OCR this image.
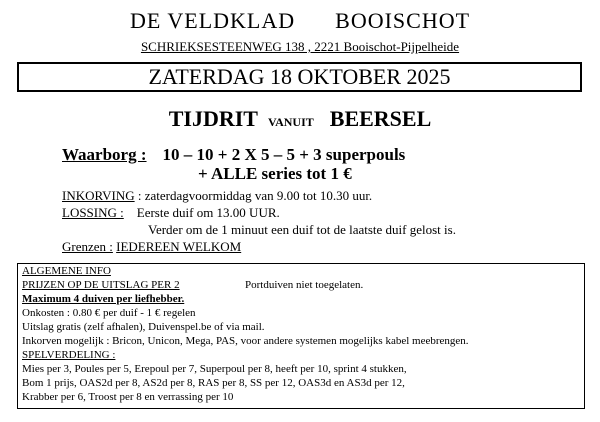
DE VELDKLAD BOOISCHOT
SCHRIEKSESTEENWEG 138 , 2221 Booischot-Pijpelheide
ZATERDAG 18 OKTOBER 2025
TIJDRIT VANUIT BEERSEL
Waarborg : 10 – 10 + 2 X 5 – 5 + 3 superpouls
+ ALLE series tot 1 €
INKORVING : zaterdagvoormiddag van 9.00 tot 10.30 uur.
LOSSING : Eerste duif om 13.00 UUR.
Verder om de 1 minuut een duif tot de laatste duif gelost is.
Grenzen : IEDEREEN WELKOM
ALGEMENE INFO
PRIJZEN OP DE UITSLAG PER 2	Portduiven niet toegelaten.
Maximum 4 duiven per liefhebber.
Onkosten : 0.80 € per duif - 1 € regelen
Uitslag gratis (zelf afhalen), Duivenspel.be of via mail.
Inkorven mogelijk : Bricon, Unicon, Mega, PAS, voor andere systemen mogelijks kabel meebrengen.
SPELVERDELING :
Mies per 3, Poules per 5, Erepoul per 7, Superpoul per 8, heeft per 10, sprint 4 stukken,
Bom 1 prijs, OAS2d per 8, AS2d per 8, RAS per 8, SS per 12, OAS3d en AS3d per 12,
Krabber per 6, Troost per 8 en verrassing per 10
